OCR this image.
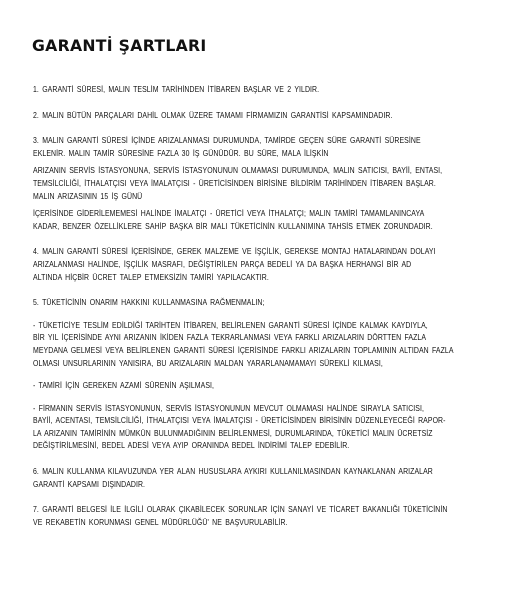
GARANTİ ŞARTLARI
1. GARANTİ SÜRESİ, MALIN TESLİM TARİHİNDEN İTİBAREN BAŞLAR VE 2 YILDIR.
2. MALIN BÜTÜN PARÇALARI DAHİL OLMAK ÜZERE TAMAMI FİRMAMIZIN GARANTİSİ KAPSAMINDADIR.
3. MALIN GARANTİ SÜRESİ İÇİNDE ARIZALANMASI DURUMUNDA, TAMİRDE GEÇEN SÜRE GARANTİ SÜRESİNE
EKLENİR. MALIN TAMİR SÜRESİNE FAZLA 30 İŞ GÜNÜDÜR. BU SÜRE, MALA İLİŞKİN
ARIZANIN SERVİS İSTASYONUNA, SERVİS İSTASYONUNUN OLMAMASI DURUMUNDA, MALIN SATICISI, BAYİİ, ENTASI,
TEMSİLCİLİĞİ, İTHALATÇISI VEYA İMALATÇISI - ÜRETİCİSİNDEN BİRİSİNE BİLDİRİM TARİHİNDEN İTİBAREN BAŞLAR.
MALIN ARIZASININ 15 İŞ GÜNÜ
İÇERİSİNDE GİDERİLEMEMESİ HALİNDE İMALATÇI - ÜRETİCİ VEYA İTHALATÇI; MALIN TAMİRİ TAMAMLANINCAYA
KADAR, BENZER ÖZELLİKLERE SAHİP BAŞKA BİR MALI TÜKETİCİNİN KULLANIMINA TAHSİS ETMEK ZORUNDADIR.
4. MALIN GARANTİ SÜRESİ İÇERİSİNDE, GEREK MALZEME VE İŞÇİLİK, GEREKSE MONTAJ HATALARINDAN DOLAYI
ARIZALANMASI HALİNDE, İŞÇİLİK MASRAFI, DEĞİŞTİRİLEN PARÇA BEDELİ YA DA BAŞKA HERHANGİ BİR AD
ALTINDA HİÇBİR ÜCRET TALEP ETMEKSİZİN TAMİRİ YAPILACAKTIR.
5. TÜKETİCİNİN ONARIM HAKKINI KULLANMASINA RAĞMENMALIN;
- TÜKETİCİYE TESLİM EDİLDİĞİ TARİHTEN İTİBAREN, BELİRLENEN GARANTİ SÜRESİ İÇİNDE KALMAK KAYDIYLA,
BİR YIL İÇERİSİNDE AYNI ARIZANIN İKİDEN FAZLA TEKRARLANMASI VEYA FARKLI ARIZALARIN DÖRTTEN FAZLA
MEYDANA GELMESİ VEYA BELİRLENEN GARANTİ SÜRESİ İÇERİSİNDE FARKLI ARIZALARIN TOPLAMININ ALTIDAN FAZLA
OLMASI UNSURLARININ YANISIRA, BU ARIZALARIN MALDAN YARARLANAMAMAYI SÜREKLİ KILMASI,
- TAMİRİ İÇİN GEREKEN AZAMİ SÜRENİN AŞILMASI,
- FİRMANIN SERVİS İSTASYONUNUN, SERVİS İSTASYONUNUN MEVCUT OLMAMASI HALİNDE SIRAYLA SATICISI,
BAYİİ, ACENTASI, TEMSİLCİLİĞİ, İTHALATÇISI VEYA İMALATÇISI - ÜRETİCİSİNDEN BİRİSİNİN DÜZENLEYECEĞİ RAPOR-
LA ARIZANIN TAMİRİNİN MÜMKÜN BULUNMADIĞININ BELİRLENMESİ, DURUMLARINDA, TÜKETİCİ MALIN ÜCRETSİZ
DEĞİŞTİRİLMESİNİ, BEDEL ADESİ VEYA AYIP ORANINDA BEDEL İNDİRİMİ TALEP EDEBİLİR.
6. MALIN KULLANMA KILAVUZUNDA YER ALAN HUSUSLARA AYKIRI KULLANILMASINDAN KAYNAKLANAN ARIZALAR
GARANTİ KAPSAMI DIŞINDADIR.
7. GARANTİ BELGESİ İLE İLGİLİ OLARAK ÇIKABİLECEK SORUNLAR İÇİN SANAYİ VE TİCARET BAKANLIĞI TÜKETİCİNİN
VE REKABETİN KORUNMASI GENEL MÜDÜRLÜĞÜ' NE BAŞVURULABİLİR.
